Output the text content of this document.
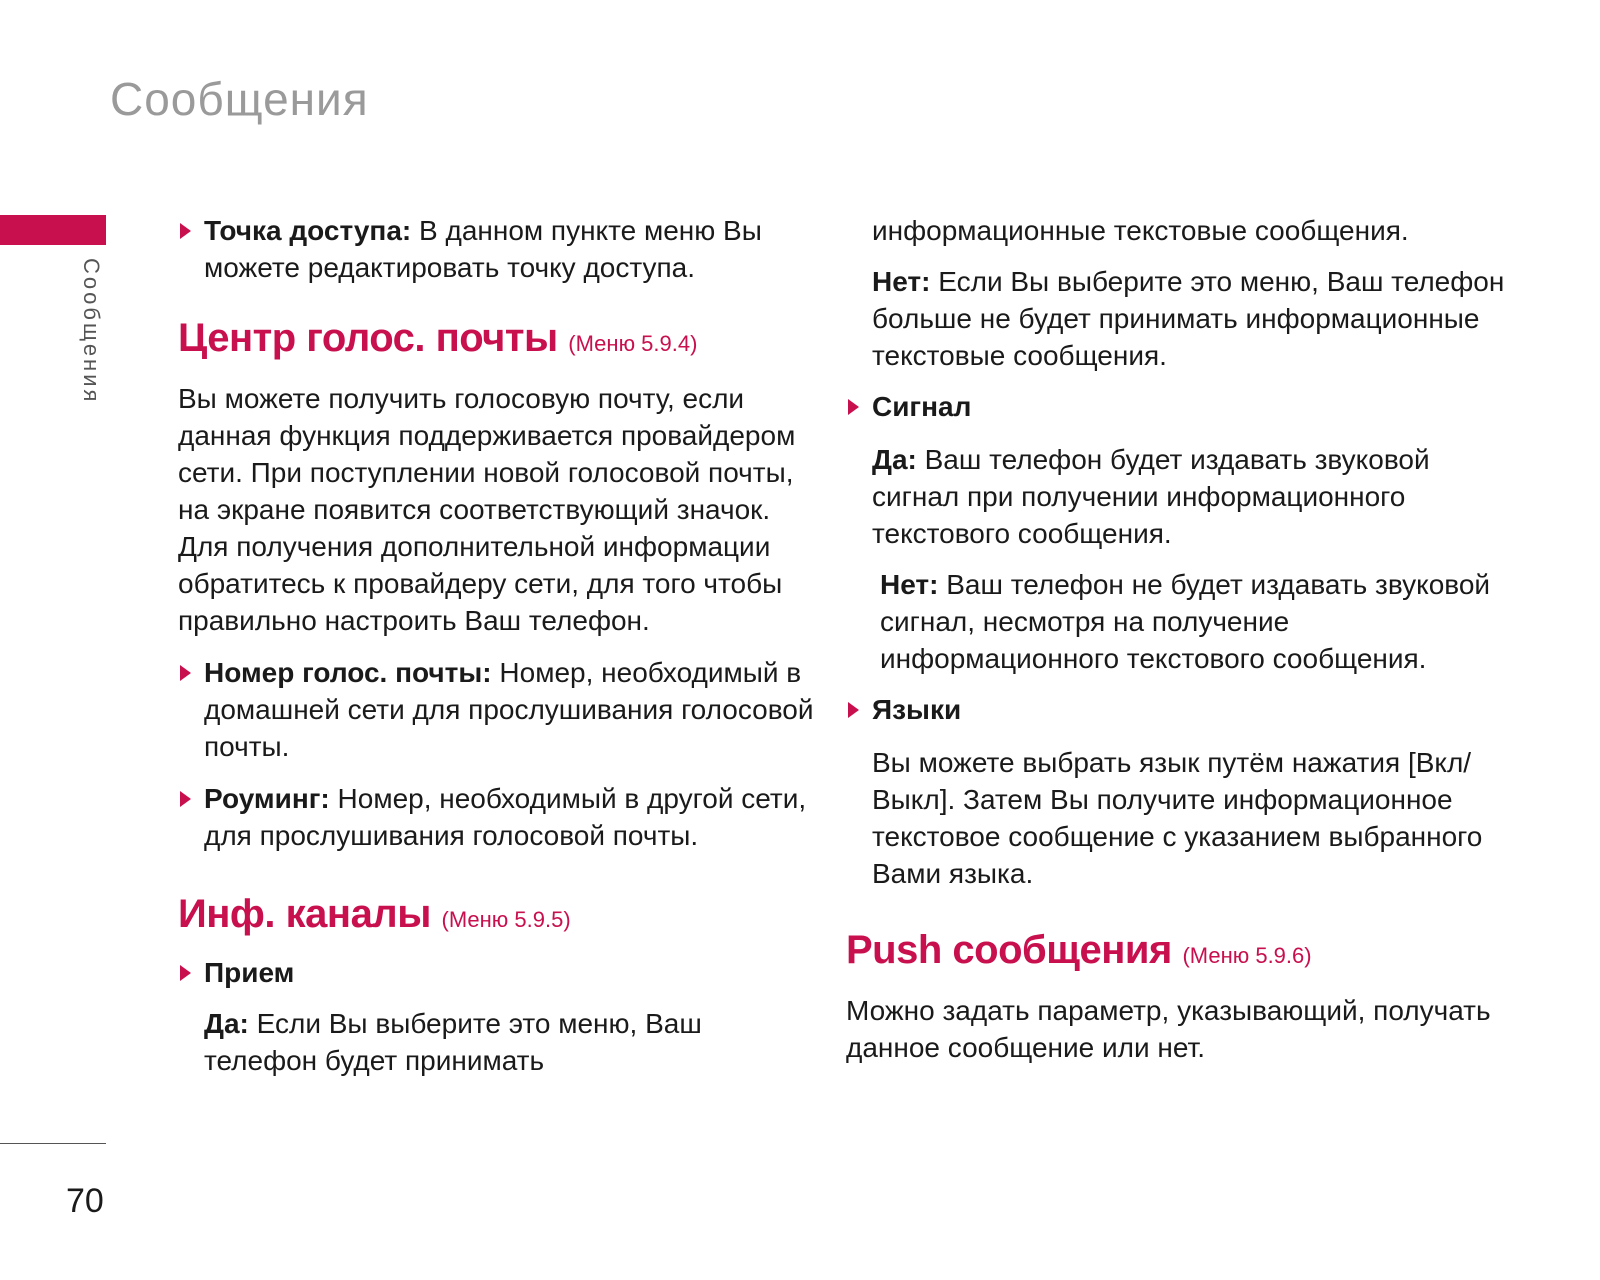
Сообщения
Сообщения
70

Точка доступа: В данном пункте меню Вы можете редактировать точку доступа.

Центр голос. почты (Меню 5.9.4)

Вы можете получить голосовую почту, если данная функция поддерживается провайдером сети. При поступлении новой голосовой почты, на экране появится соответствующий значок. Для получения дополнительной информации обратитесь к провайдеру сети, для того чтобы правильно настроить Ваш телефон.

Номер голос. почты: Номер, необходимый в домашней сети для прослушивания голосовой почты.

Роуминг: Номер, необходимый в другой сети, для прослушивания голосовой почты.

Инф. каналы (Меню 5.9.5)

Прием

Да: Если Вы выберите это меню, Ваш телефон будет принимать

информационные текстовые сообщения.

Нет: Если Вы выберите это меню, Ваш телефон больше не будет принимать информационные текстовые сообщения.

Сигнал

Да: Ваш телефон будет издавать звуковой сигнал при получении информационного текстового сообщения.

Нет: Ваш телефон не будет издавать звуковой сигнал, несмотря на получение информационного текстового сообщения.

Языки

Вы можете выбрать язык путём нажатия [Вкл/Выкл]. Затем Вы получите информационное текстовое сообщение с указанием выбранного Вами языка.

Push сообщения (Меню 5.9.6)

Можно задать параметр, указывающий, получать данное сообщение или нет.
